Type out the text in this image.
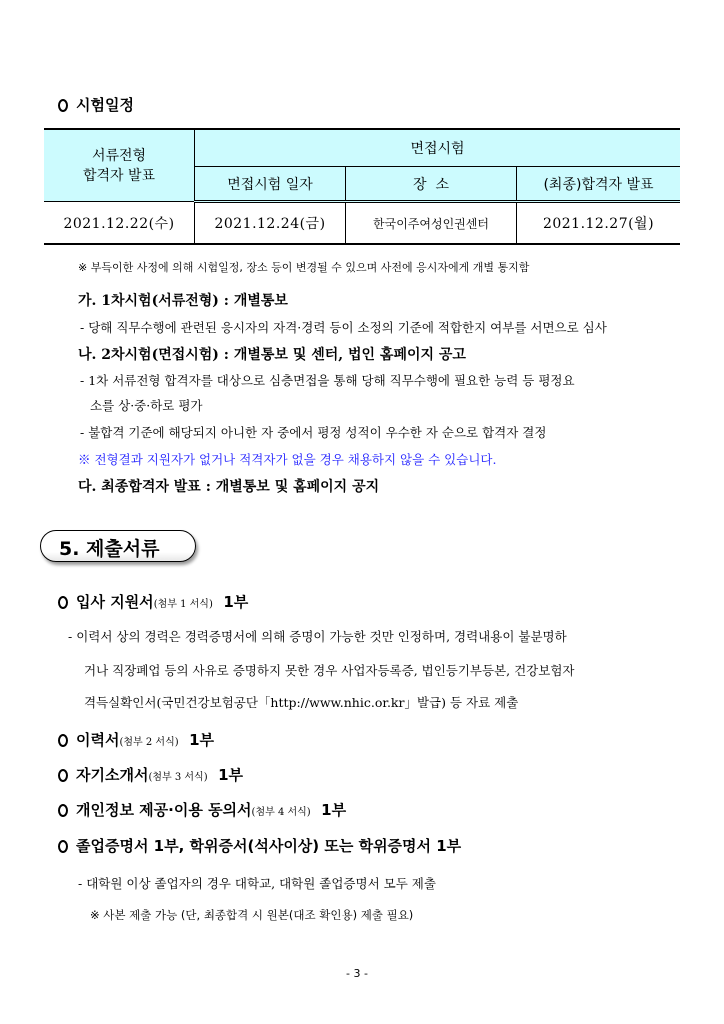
시험일정
서류전형
합격자 발표	면접시험		
	면접시험 일자	장  소	(최종)합격자 발표
2021.12.22(수)	2021.12.24(금)	한국이주여성인권센터	2021.12.27(월)
※ 부득이한 사정에 의해 시험일정, 장소 등이 변경될 수 있으며 사전에 응시자에게 개별 통지함
가. 1차시험(서류전형) : 개별통보
- 당해 직무수행에 관련된 응시자의 자격·경력 등이 소정의 기준에 적합한지 여부를 서면으로 심사
나. 2차시험(면접시험) : 개별통보 및 센터, 법인 홈페이지 공고
- 1차 서류전형 합격자를 대상으로 심층면접을 통해 당해 직무수행에 필요한 능력 등 평정요
소를 상·중·하로 평가
- 불합격 기준에 해당되지 아니한 자 중에서 평정 성적이 우수한 자 순으로 합격자 결정
※ 전형결과 지원자가 없거나 적격자가 없을 경우 채용하지 않을 수 있습니다.
다. 최종합격자 발표 : 개별통보 및 홈페이지 공지
5. 제출서류
입사 지원서(첨부 1 서식) 1부
- 이력서 상의 경력은 경력증명서에 의해 증명이 가능한 것만 인정하며, 경력내용이 불분명하
거나 직장폐업 등의 사유로 증명하지 못한 경우 사업자등록증, 법인등기부등본, 건강보험자
격득실확인서(국민건강보험공단「http://www.nhic.or.kr」발급) 등 자료 제출
이력서(첨부 2 서식) 1부
자기소개서(첨부 3 서식) 1부
개인정보 제공·이용 동의서(첨부 4 서식) 1부
졸업증명서 1부, 학위증서(석사이상) 또는 학위증명서 1부
- 대학원 이상 졸업자의 경우 대학교, 대학원 졸업증명서 모두 제출
※ 사본 제출 가능 (단, 최종합격 시 원본(대조 확인용) 제출 필요)
- 3 -
